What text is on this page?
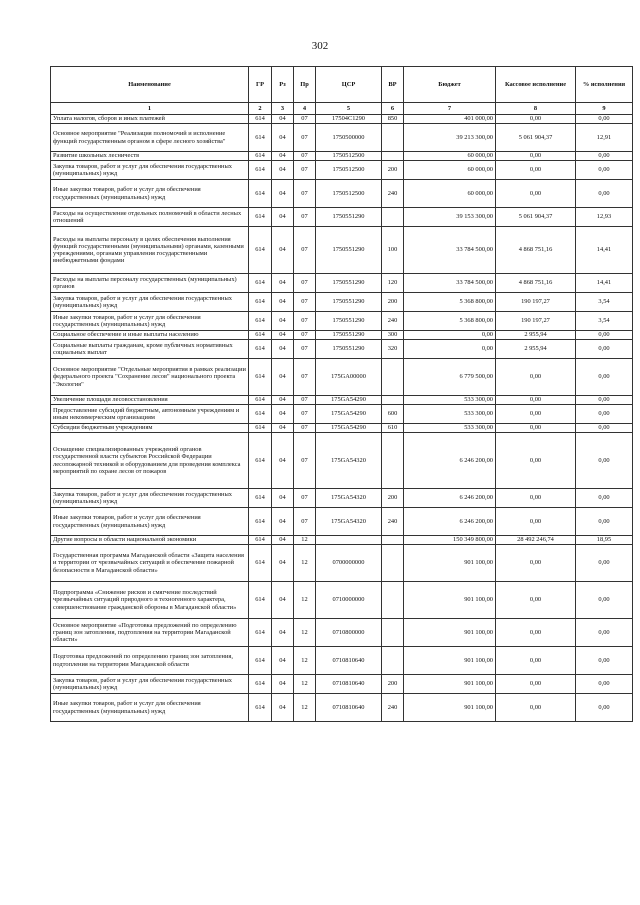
302
Наименование	ГР	Рз	Пр	ЦСР	ВР	Бюджет	Кассовое исполнение	% исполнения
1	2	3	4	5	6	7	8	9
Уплата налогов, сборов и иных платежей	614	04	07	17504С1290	850	401 000,00	0,00	0,00
Основное мероприятие "Реализация полномочий и исполнение функций государственным органом в сфере лесного хозяйства"	614	04	07	1750500000		39 213 300,00	5 061 904,37	12,91
Развитие школьных лесничеств	614	04	07	1750512500		60 000,00	0,00	0,00
Закупка товаров, работ и услуг для обеспечения государственных (муниципальных) нужд	614	04	07	1750512500	200	60 000,00	0,00	0,00
Иные закупки товаров, работ и услуг для обеспечения государственных (муниципальных) нужд	614	04	07	1750512500	240	60 000,00	0,00	0,00
Расходы на осуществление отдельных полномочий в области лесных отношений	614	04	07	1750551290		39 153 300,00	5 061 904,37	12,93
Расходы на выплаты персоналу в целях обеспечения выполнения функций государственными (муниципальными) органами, казенными учреждениями, органами управления государственными внебюджетными фондами	614	04	07	1750551290	100	33 784 500,00	4 868 751,16	14,41
Расходы на выплаты персоналу государственных (муниципальных) органов	614	04	07	1750551290	120	33 784 500,00	4 868 751,16	14,41
Закупка товаров, работ и услуг для обеспечения государственных (муниципальных) нужд	614	04	07	1750551290	200	5 368 800,00	190 197,27	3,54
Иные закупки товаров, работ и услуг для обеспечения государственных (муниципальных) нужд	614	04	07	1750551290	240	5 368 800,00	190 197,27	3,54
Социальное обеспечение и иные выплаты населению	614	04	07	1750551290	300	0,00	2 955,94	0,00
Социальные выплаты гражданам, кроме публичных нормативных социальных выплат	614	04	07	1750551290	320	0,00	2 955,94	0,00
Основное мероприятие "Отдельные мероприятия в рамках реализации федерального проекта "Сохранение лесов" национального проекта "Экология"	614	04	07	175GA00000		6 779 500,00	0,00	0,00
Увеличение площади лесовосстановления	614	04	07	175GA54290		533 300,00	0,00	0,00
Предоставление субсидий бюджетным, автономным учреждениям и иным некоммерческим организациям	614	04	07	175GA54290	600	533 300,00	0,00	0,00
Субсидии бюджетным учреждениям	614	04	07	175GA54290	610	533 300,00	0,00	0,00
Оснащение специализированных учреждений органов государственной власти субъектов Российской Федерации лесопожарной техникой и оборудованием для проведения комплекса мероприятий по охране лесов от пожаров	614	04	07	175GA54320		6 246 200,00	0,00	0,00
Закупка товаров, работ и услуг для обеспечения государственных (муниципальных) нужд	614	04	07	175GA54320	200	6 246 200,00	0,00	0,00
Иные закупки товаров, работ и услуг для обеспечения государственных (муниципальных) нужд	614	04	07	175GA54320	240	6 246 200,00	0,00	0,00
Другие вопросы в области национальной экономики	614	04	12			150 349 800,00	28 492 246,74	18,95
Государственная программа Магаданской области «Защита населения и территории от чрезвычайных ситуаций и обеспечение пожарной безопасности в Магаданской области»	614	04	12	0700000000		901 100,00	0,00	0,00
Подпрограмма «Снижение рисков и смягчение последствий чрезвычайных ситуаций природного и техногенного характера, совершенствование гражданской обороны в Магаданской области»	614	04	12	0710000000		901 100,00	0,00	0,00
Основное мероприятие «Подготовка предложений по определению границ зон затопления, подтопления на территории Магаданской области»	614	04	12	0710800000		901 100,00	0,00	0,00
Подготовка предложений по определению границ зон затопления, подтопления на территории Магаданской области	614	04	12	0710810640		901 100,00	0,00	0,00
Закупка товаров, работ и услуг для обеспечения государственных (муниципальных) нужд	614	04	12	0710810640	200	901 100,00	0,00	0,00
Иные закупки товаров, работ и услуг для обеспечения государственных (муниципальных) нужд	614	04	12	0710810640	240	901 100,00	0,00	0,00
